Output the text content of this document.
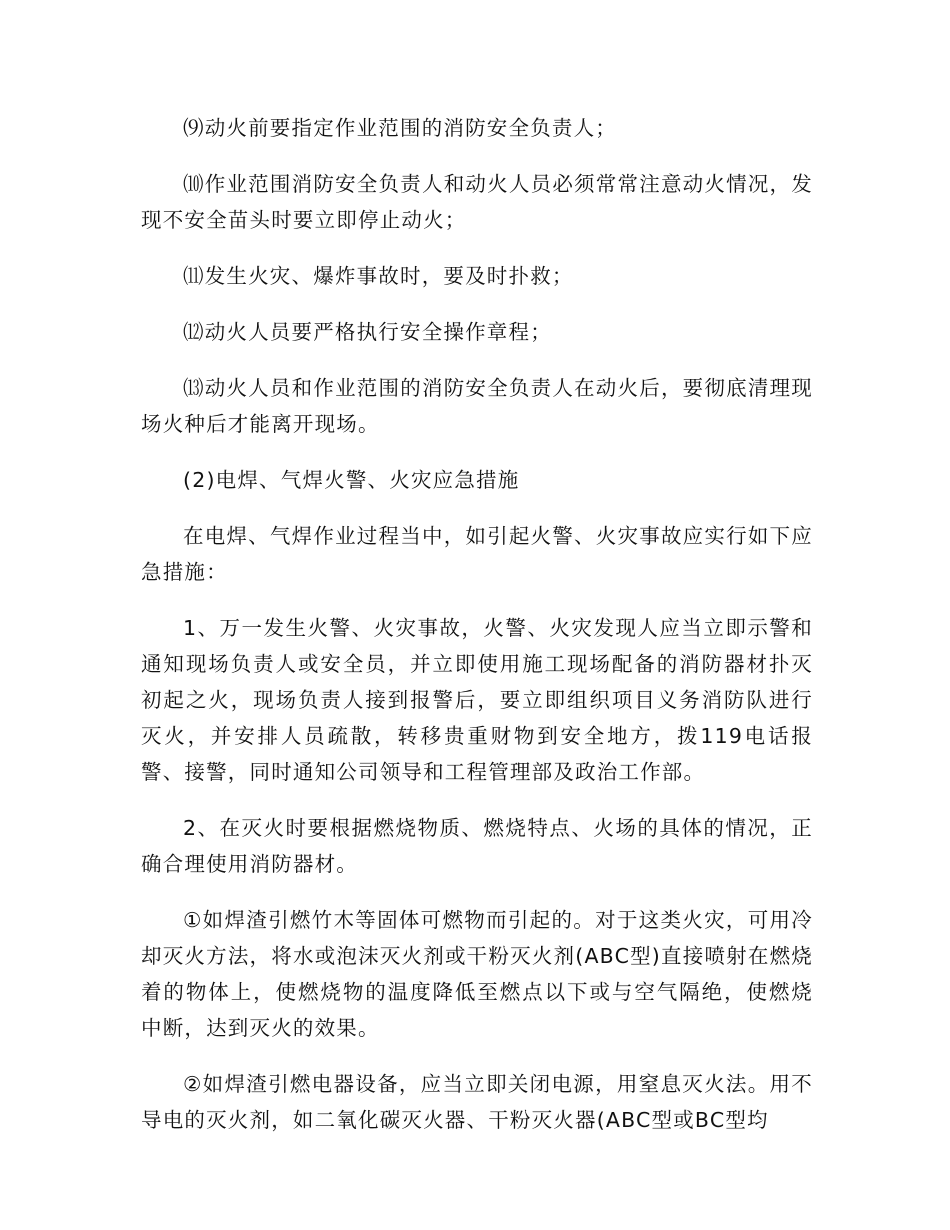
⑼动火前要指定作业范围的消防安全负责人；

⑽作业范围消防安全负责人和动火人员必须常常注意动火情况，发现不安全苗头时要立即停止动火；

⑾发生火灾、爆炸事故时，要及时扑救；

⑿动火人员要严格执行安全操作章程；

⒀动火人员和作业范围的消防安全负责人在动火后，要彻底清理现场火种后才能离开现场。

(2)电焊、气焊火警、火灾应急措施

在电焊、气焊作业过程当中，如引起火警、火灾事故应实行如下应急措施：

1、万一发生火警、火灾事故，火警、火灾发现人应当立即示警和通知现场负责人或安全员，并立即使用施工现场配备的消防器材扑灭初起之火，现场负责人接到报警后，要立即组织项目义务消防队进行灭火，并安排人员疏散，转移贵重财物到安全地方，拨119电话报警、接警，同时通知公司领导和工程管理部及政治工作部。

2、在灭火时要根据燃烧物质、燃烧特点、火场的具体的情况，正确合理使用消防器材。

①如焊渣引燃竹木等固体可燃物而引起的。对于这类火灾，可用冷却灭火方法，将水或泡沫灭火剂或干粉灭火剂(ABC型)直接喷射在燃烧着的物体上，使燃烧物的温度降低至燃点以下或与空气隔绝，使燃烧中断，达到灭火的效果。

②如焊渣引燃电器设备，应当立即关闭电源，用窒息灭火法。用不导电的灭火剂，如二氧化碳灭火器、干粉灭火器(ABC型或BC型均
